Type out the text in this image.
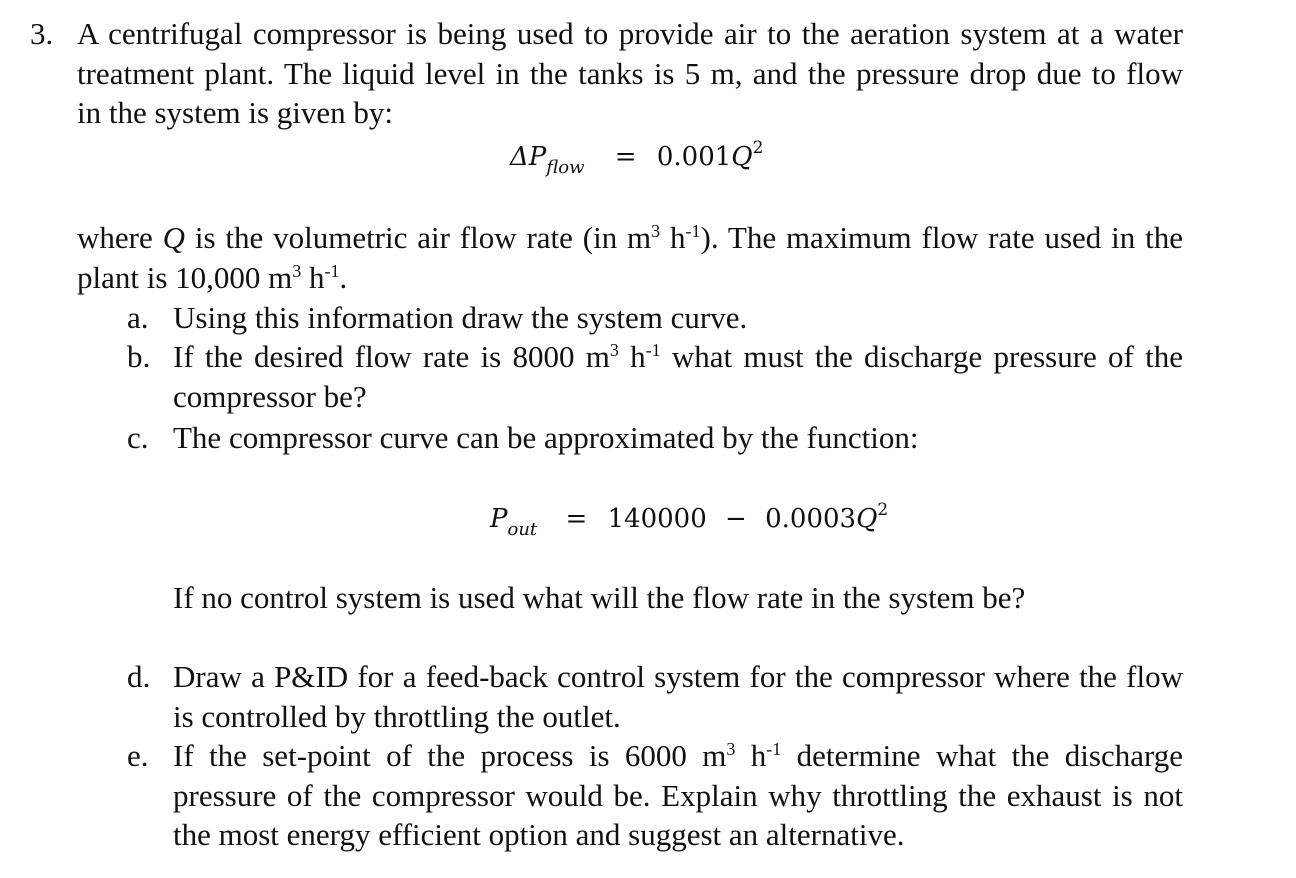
3. A centrifugal compressor is being used to provide air to the aeration system at a water
treatment plant. The liquid level in the tanks is 5 m, and the pressure drop due to flow
in the system is given by:
$\Delta P_{flow} = 0.001Q^2$
where Q is the volumetric air flow rate (in $m^3$ $h^{-1}$). The maximum flow rate used in the
plant is 10,000 $m^3$ $h^{-1}$.
a. Using this information draw the system curve.
b. If the desired flow rate is 8000 $m^3$ $h^{-1}$ what must the discharge pressure of the
compressor be?
c. The compressor curve can be approximated by the function:
$P_{out} = 140000 - 0.0003Q^2$
If no control system is used what will the flow rate in the system be?
d. Draw a P&ID for a feed-back control system for the compressor where the flow
is controlled by throttling the outlet.
e. If the set-point of the process is 6000 $m^3$ $h^{-1}$ determine what the discharge
pressure of the compressor would be. Explain why throttling the exhaust is not
the most energy efficient option and suggest an alternative.
